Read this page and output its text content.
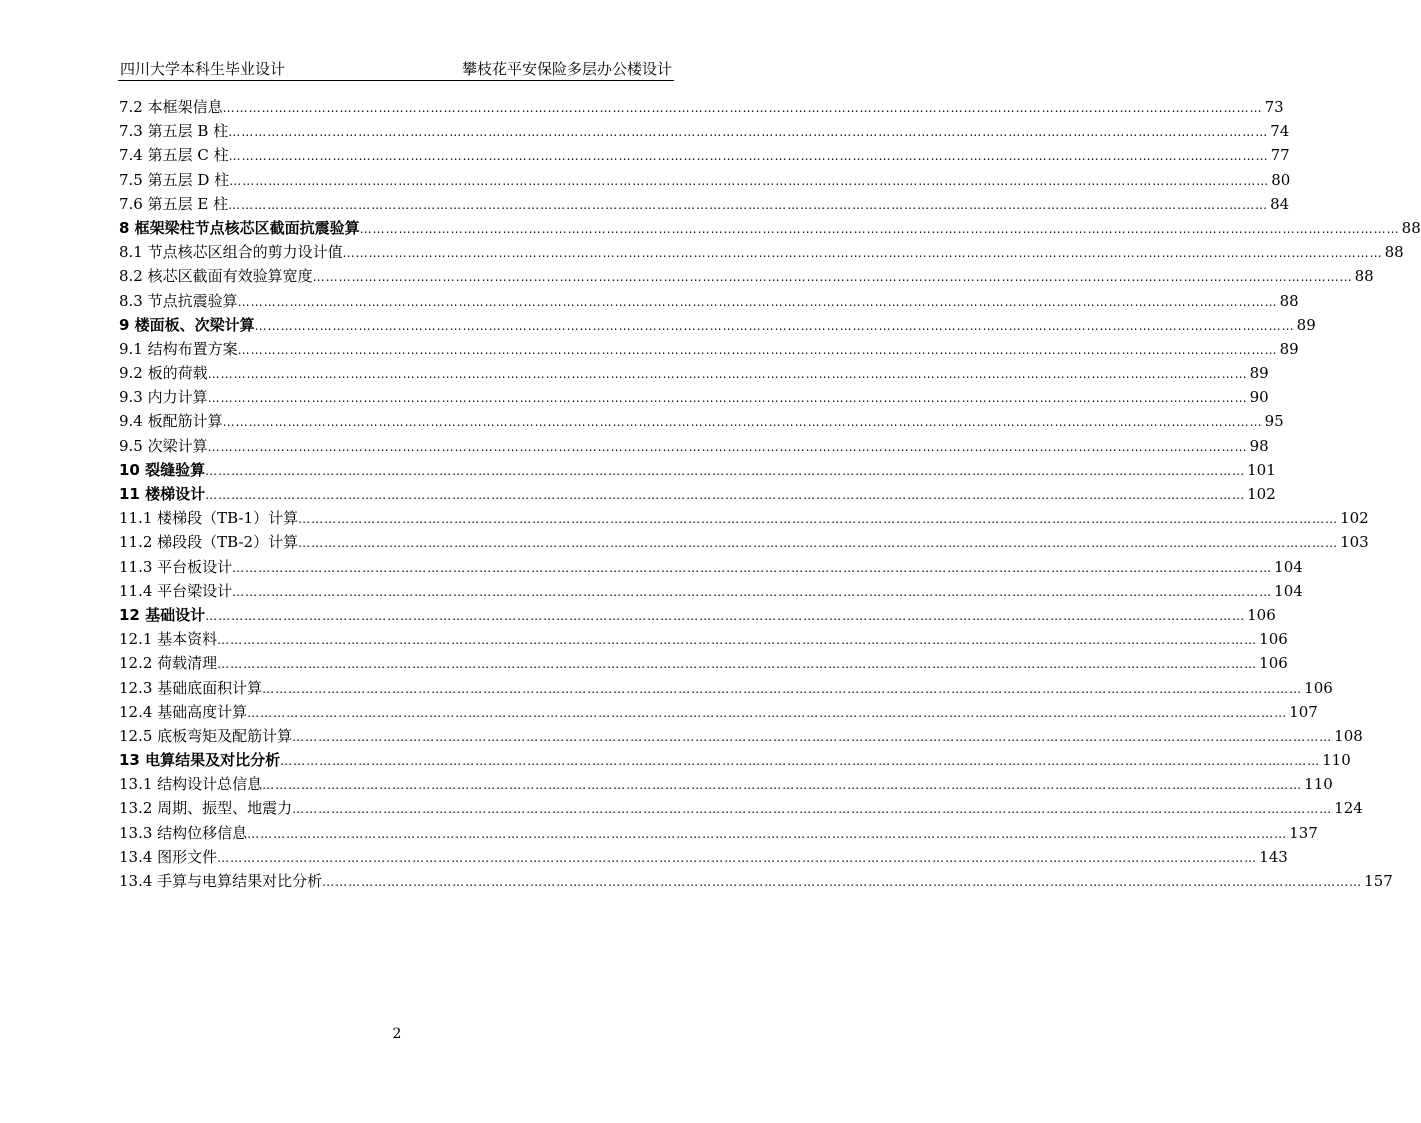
四川大学本科生毕业设计	攀枝花平安保险多层办公楼设计
7.2 本框架信息 …………………………………………………………………………………………………………………………………………………………………………………………………………………… 73
7.3 第五层 B 柱 …………………………………………………………………………………………………………………………………………………………………………………………………………………… 74
7.4 第五层 C 柱 …………………………………………………………………………………………………………………………………………………………………………………………………………………… 77
7.5 第五层 D 柱 …………………………………………………………………………………………………………………………………………………………………………………………………………………… 80
7.6 第五层 E 柱 …………………………………………………………………………………………………………………………………………………………………………………………………………………… 84
8 框架梁柱节点核芯区截面抗震验算 …………………………………………………………………………………………………………………………………………………………………………………………………………………… 88
8.1 节点核芯区组合的剪力设计值 …………………………………………………………………………………………………………………………………………………………………………………………………………………… 88
8.2 核芯区截面有效验算宽度 …………………………………………………………………………………………………………………………………………………………………………………………………………………… 88
8.3 节点抗震验算 …………………………………………………………………………………………………………………………………………………………………………………………………………………… 88
9 楼面板、次梁计算 …………………………………………………………………………………………………………………………………………………………………………………………………………………… 89
9.1 结构布置方案 …………………………………………………………………………………………………………………………………………………………………………………………………………………… 89
9.2 板的荷载 …………………………………………………………………………………………………………………………………………………………………………………………………………………… 89
9.3 内力计算 …………………………………………………………………………………………………………………………………………………………………………………………………………………… 90
9.4 板配筋计算 …………………………………………………………………………………………………………………………………………………………………………………………………………………… 95
9.5 次梁计算 …………………………………………………………………………………………………………………………………………………………………………………………………………………… 98
10 裂缝验算 …………………………………………………………………………………………………………………………………………………………………………………………………………………… 101
11 楼梯设计 …………………………………………………………………………………………………………………………………………………………………………………………………………………… 102
11.1 楼梯段（TB-1）计算 …………………………………………………………………………………………………………………………………………………………………………………………………………………… 102
11.2 梯段段（TB-2）计算 …………………………………………………………………………………………………………………………………………………………………………………………………………………… 103
11.3 平台板设计 …………………………………………………………………………………………………………………………………………………………………………………………………………………… 104
11.4 平台梁设计 …………………………………………………………………………………………………………………………………………………………………………………………………………………… 104
12 基础设计 …………………………………………………………………………………………………………………………………………………………………………………………………………………… 106
12.1 基本资料 …………………………………………………………………………………………………………………………………………………………………………………………………………………… 106
12.2 荷载清理 …………………………………………………………………………………………………………………………………………………………………………………………………………………… 106
12.3 基础底面积计算 …………………………………………………………………………………………………………………………………………………………………………………………………………………… 106
12.4 基础高度计算 …………………………………………………………………………………………………………………………………………………………………………………………………………………… 107
12.5 底板弯矩及配筋计算 …………………………………………………………………………………………………………………………………………………………………………………………………………………… 108
13 电算结果及对比分析 …………………………………………………………………………………………………………………………………………………………………………………………………………………… 110
13.1 结构设计总信息 …………………………………………………………………………………………………………………………………………………………………………………………………………………… 110
13.2 周期、振型、地震力 …………………………………………………………………………………………………………………………………………………………………………………………………………………… 124
13.3 结构位移信息 …………………………………………………………………………………………………………………………………………………………………………………………………………………… 137
13.4 图形文件 …………………………………………………………………………………………………………………………………………………………………………………………………………………… 143
13.4 手算与电算结果对比分析 …………………………………………………………………………………………………………………………………………………………………………………………………………………… 157
2
